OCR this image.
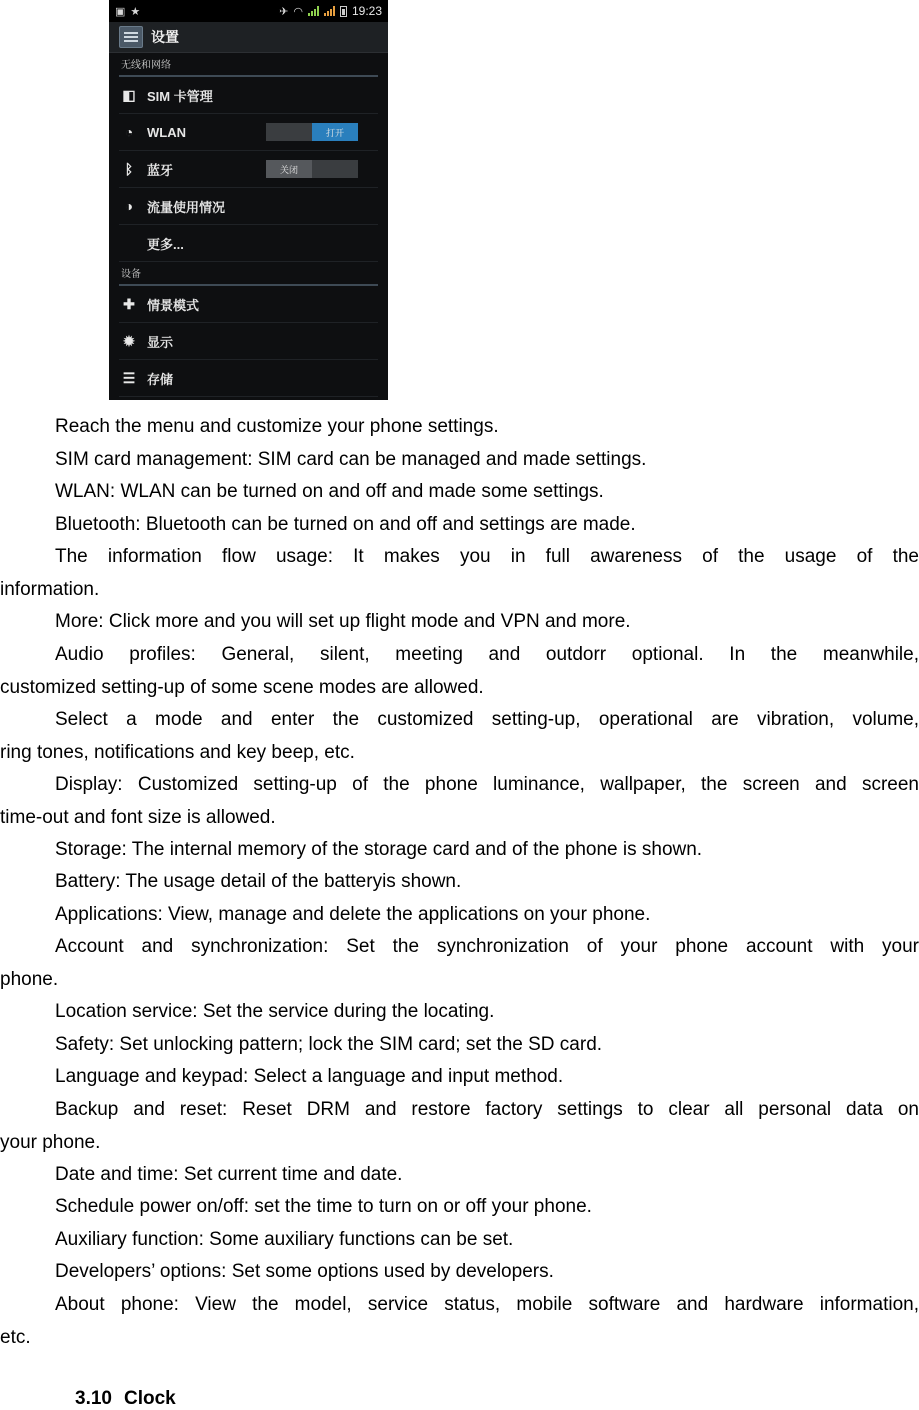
▣ ★	✈ ◠	19:23
设置
无线和网络
◧ SIM 卡管理
◔	WLAN	打开
ᛒ	蓝牙	关闭
◑	流量使用情况
更多...
设备
✚ 情景模式
✹ 显示
☰ 存储
Reach the menu and customize your phone settings.
SIM card management: SIM card can be managed and made settings.
WLAN: WLAN can be turned on and off and made some settings.
Bluetooth: Bluetooth can be turned on and off and settings are made.
The information flow usage: It makes you in full awareness of the usage of the
information.
More: Click more and you will set up flight mode and VPN and more.
Audio profiles: General, silent, meeting and outdorr optional. In the meanwhile,
customized setting-up of some scene modes are allowed.
Select a mode and enter the customized setting-up, operational are vibration, volume,
ring tones, notifications and key beep, etc.
Display: Customized setting-up of the phone luminance, wallpaper, the screen and screen
time-out and font size is allowed.
Storage: The internal memory of the storage card and of the phone is shown.
Battery: The usage detail of the batteryis shown.
Applications: View, manage and delete the applications on your phone.
Account and synchronization: Set the synchronization of your phone account with your
phone.
Location service: Set the service during the locating.
Safety: Set unlocking pattern; lock the SIM card; set the SD card.
Language and keypad: Select a language and input method.
Backup and reset: Reset DRM and restore factory settings to clear all personal data on
your phone.
Date and time: Set current time and date.
Schedule power on/off: set the time to turn on or off your phone.
Auxiliary function: Some auxiliary functions can be set.
Developers’ options: Set some options used by developers.
About phone: View the model, service status, mobile software and hardware information,
etc.
3.10 Clock
